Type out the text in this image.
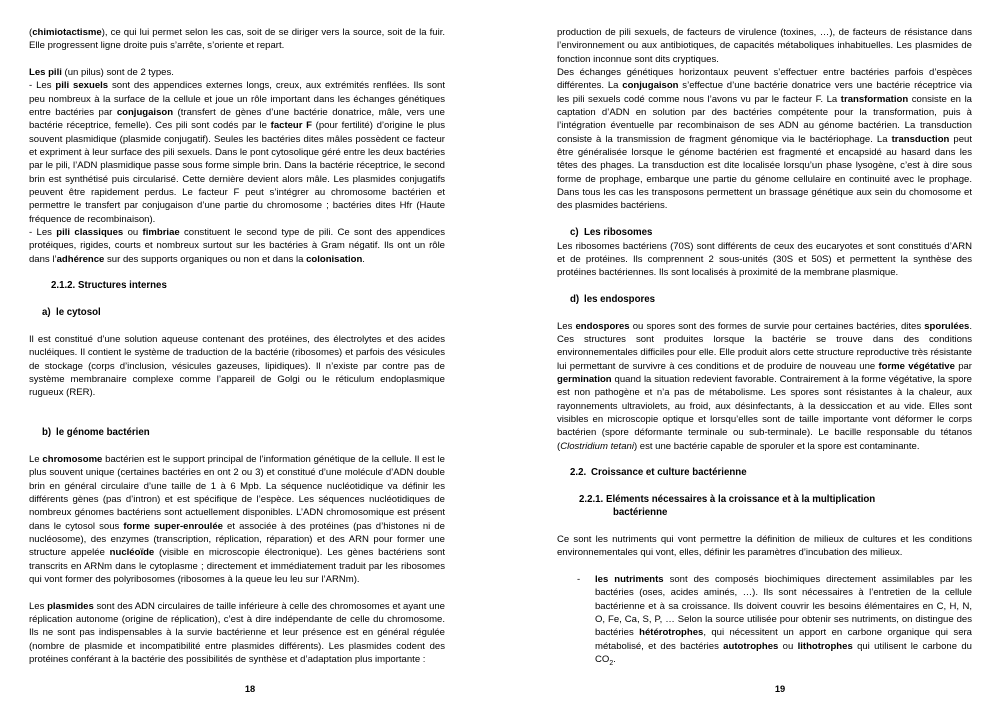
(chimiotactisme), ce qui lui permet selon les cas, soit de se diriger vers la source, soit de la fuir. Elle progressent ligne droite puis s’arrête, s’oriente et repart.

Les pili (un pilus) sont de 2 types.

- Les pili sexuels sont des appendices externes longs, creux, aux extrémités renflées. Ils sont peu nombreux à la surface de la cellule et joue un rôle important dans les échanges génétiques entre bactéries par conjugaison (transfert de gènes d’une bactérie donatrice, mâle, vers une bactérie réceptrice, femelle). Ces pili sont codés par le facteur F (pour fertilité) d’origine le plus souvent plasmidique (plasmide conjugatif). Seules les bactéries dites mâles possèdent ce facteur et expriment à leur surface des pili sexuels. Dans le pont cytosolique géré entre les deux bactéries par le pili, l’ADN plasmidique passe sous forme simple brin. Dans la bactérie réceptrice, le second brin est synthétisé puis circularisé. Cette dernière devient alors mâle. Les plasmides conjugatifs peuvent être rapidement perdus. Le facteur F peut s’intégrer au chromosome bactérien et permettre le transfert par conjugaison d’une partie du chromosome ; bactéries dites Hfr (Haute fréquence de recombinaison).

- Les pili classiques ou fimbriae constituent le second type de pili. Ce sont des appendices protéiques, rigides, courts et nombreux surtout sur les bactéries à Gram négatif. Ils ont un rôle dans l’adhérence sur des supports organiques ou non et dans la colonisation.

2.1.2. Structures internes

a) le cytosol

Il est constitué d’une solution aqueuse contenant des protéines, des électrolytes et des acides nucléiques. Il contient le système de traduction de la bactérie (ribosomes) et parfois des vésicules de stockage (corps d’inclusion, vésicules gazeuses, lipidiques). Il n’existe par contre pas de système membranaire complexe comme l’appareil de Golgi ou le réticulum endoplasmique rugueux (RER).

b) le génome bactérien

Le chromosome bactérien est le support principal de l’information génétique de la cellule. Il est le plus souvent unique (certaines bactéries en ont 2 ou 3) et constitué d’une molécule d’ADN double brin en général circulaire d’une taille de 1 à 6 Mpb. La séquence nucléotidique va définir les différents gènes (pas d’intron) et est spécifique de l’espèce. Les séquences nucléotidiques de nombreux génomes bactériens sont actuellement disponibles. L’ADN chromosomique est présent dans le cytosol sous forme super-enroulée et associée à des protéines (pas d’histones ni de nucléosome), des enzymes (transcription, réplication, réparation) et des ARN pour former une structure appelée nucléoïde (visible en microscopie électronique). Les gènes bactériens sont transcrits en ARNm dans le cytoplasme ; directement et immédiatement traduit par les ribosomes qui vont former des polyribosomes (ribosomes à la queue leu leu sur l’ARNm).

Les plasmides sont des ADN circulaires de taille inférieure à celle des chromosomes et ayant une réplication autonome (origine de réplication), c’est à dire indépendante de celle du chromosome. Ils ne sont pas indispensables à la survie bactérienne et leur présence est en général régulée (nombre de plasmide et incompatibilité entre plasmides différents). Les plasmides codent des protéines conférant à la bactérie des possibilités de synthèse et d’adaptation plus importante :

18

production de pili sexuels, de facteurs de virulence (toxines, …), de facteurs de résistance dans l’environnement ou aux antibiotiques, de capacités métaboliques inhabituelles. Les plasmides de fonction inconnue sont dits cryptiques.

Des échanges génétiques horizontaux peuvent s’effectuer entre bactéries parfois d’espèces différentes. La conjugaison s’effectue d’une bactérie donatrice vers une bactérie réceptrice via les pili sexuels codé comme nous l’avons vu par le facteur F. La transformation consiste en la captation d’ADN en solution par des bactéries compétente pour la transformation, puis à l’intégration éventuelle par recombinaison de ses ADN au génome bactérien. La transduction consiste à la transmission de fragment génomique via le bactériophage. La transduction peut être généralisée lorsque le génome bactérien est fragmenté et encapsidé au hasard dans les têtes des phages. La transduction est dite localisée lorsqu’un phase lysogène, c’est à dire sous forme de prophage, embarque une partie du génome cellulaire en continuité avec le prophage. Dans tous les cas les transposons permettent un brassage génétique aux sein du chomosome et des plasmides bactériens.

c) Les ribosomes

Les ribosomes bactériens (70S) sont différents de ceux des eucaryotes et sont constitués d’ARN et de protéines. Ils comprennent 2 sous-unités (30S et 50S) et permettent la synthèse des protéines bactériennes. Ils sont localisés à proximité de la membrane plasmique.

d) les endospores

Les endospores ou spores sont des formes de survie pour certaines bactéries, dites sporulées. Ces structures sont produites lorsque la bactérie se trouve dans des conditions environnementales difficiles pour elle. Elle produit alors cette structure reproductive très résistante lui permettant de survivre à ces conditions et de produire de nouveau une forme végétative par germination quand la situation redevient favorable. Contrairement à la forme végétative, la spore est non pathogène et n’a pas de métabolisme. Les spores sont résistantes à la chaleur, aux rayonnements ultraviolets, au froid, aux désinfectants, à la dessiccation et au vide. Elles sont visibles en microscopie optique et lorsqu’elles sont de taille importante vont déformer le corps bactérien (spore déformante terminale ou sub-terminale). Le bacille responsable du tétanos (Clostridium tetani) est une bactérie capable de sporuler et la spore est contaminante.

2.2. Croissance et culture bactérienne

2.2.1. Eléments nécessaires à la croissance et à la multiplication
bactérienne

Ce sont les nutriments qui vont permettre la définition de milieux de cultures et les conditions environnementales qui vont, elles, définir les paramètres d’incubation des milieux.

-	les nutriments sont des composés biochimiques directement assimilables par les bactéries (oses, acides aminés, …). Ils sont nécessaires à l’entretien de la cellule bactérienne et à sa croissance. Ils doivent couvrir les besoins élémentaires en C, H, N, O, Fe, Ca, S, P, … Selon la source utilisée pour obtenir ses nutriments, on distingue des bactéries hétérotrophes, qui nécessitent un apport en carbone organique qui sera métabolisé, et des bactéries autotrophes ou lithotrophes qui utilisent le carbone du $CO_2$.
19
